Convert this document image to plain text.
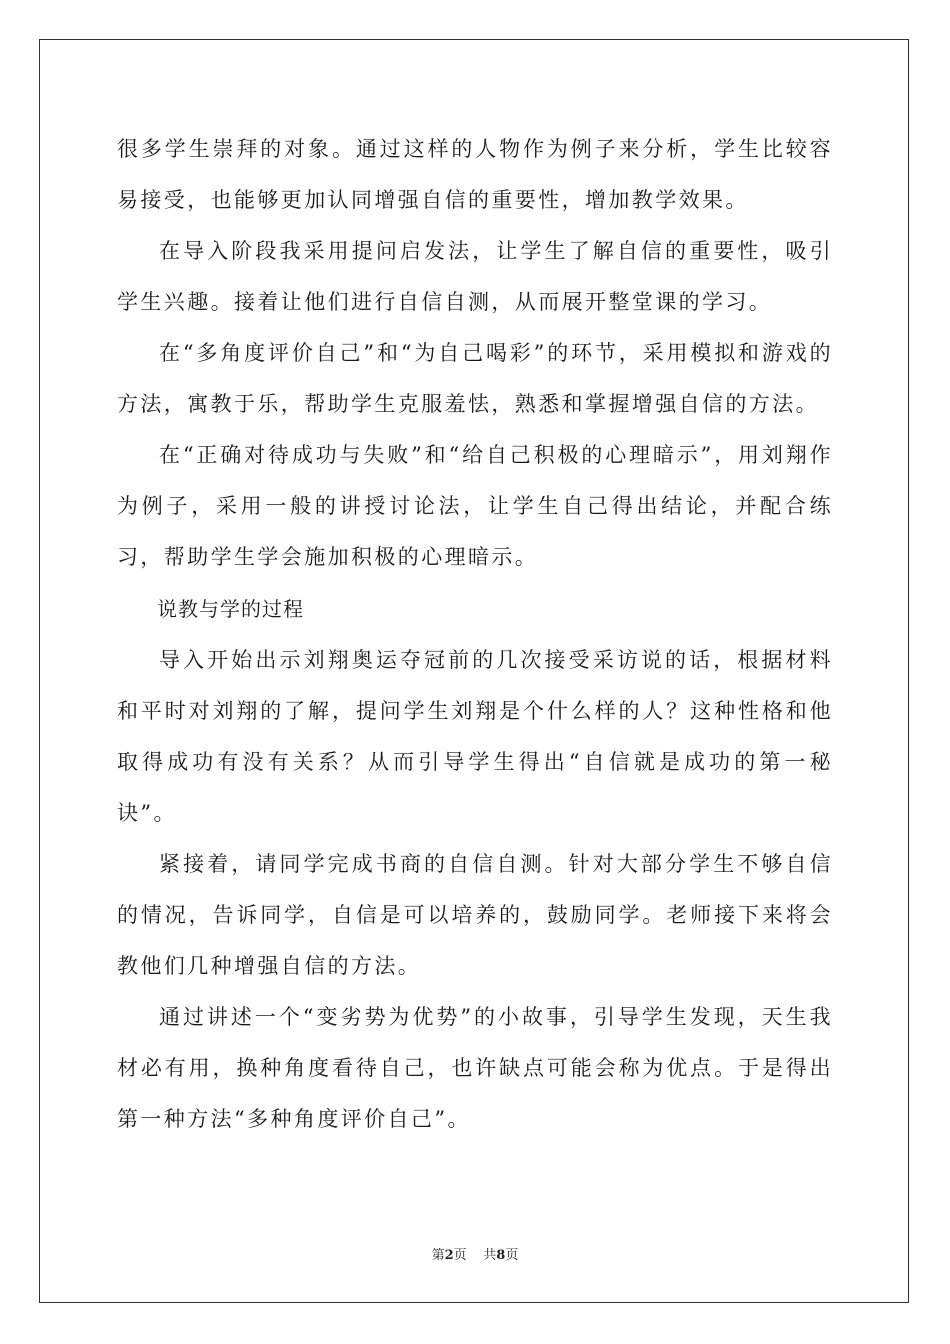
很多学生崇拜的对象。通过这样的人物作为例子来分析，学生比较容易接受，也能够更加认同增强自信的重要性，增加教学效果。

在导入阶段我采用提问启发法，让学生了解自信的重要性，吸引学生兴趣。接着让他们进行自信自测，从而展开整堂课的学习。

在“多角度评价自己”和“为自己喝彩”的环节，采用模拟和游戏的方法，寓教于乐，帮助学生克服羞怯，熟悉和掌握增强自信的方法。

在“正确对待成功与失败”和“给自己积极的心理暗示”，用刘翔作为例子，采用一般的讲授讨论法，让学生自己得出结论，并配合练习，帮助学生学会施加积极的心理暗示。

说教与学的过程

导入开始出示刘翔奥运夺冠前的几次接受采访说的话，根据材料和平时对刘翔的了解，提问学生刘翔是个什么样的人？这种性格和他取得成功有没有关系？从而引导学生得出“自信就是成功的第一秘诀”。

紧接着，请同学完成书商的自信自测。针对大部分学生不够自信的情况，告诉同学，自信是可以培养的，鼓励同学。老师接下来将会教他们几种增强自信的方法。

通过讲述一个“变劣势为优势”的小故事，引导学生发现，天生我材必有用，换种角度看待自己，也许缺点可能会称为优点。于是得出第一种方法“多种角度评价自己”。

第2页 共8页
